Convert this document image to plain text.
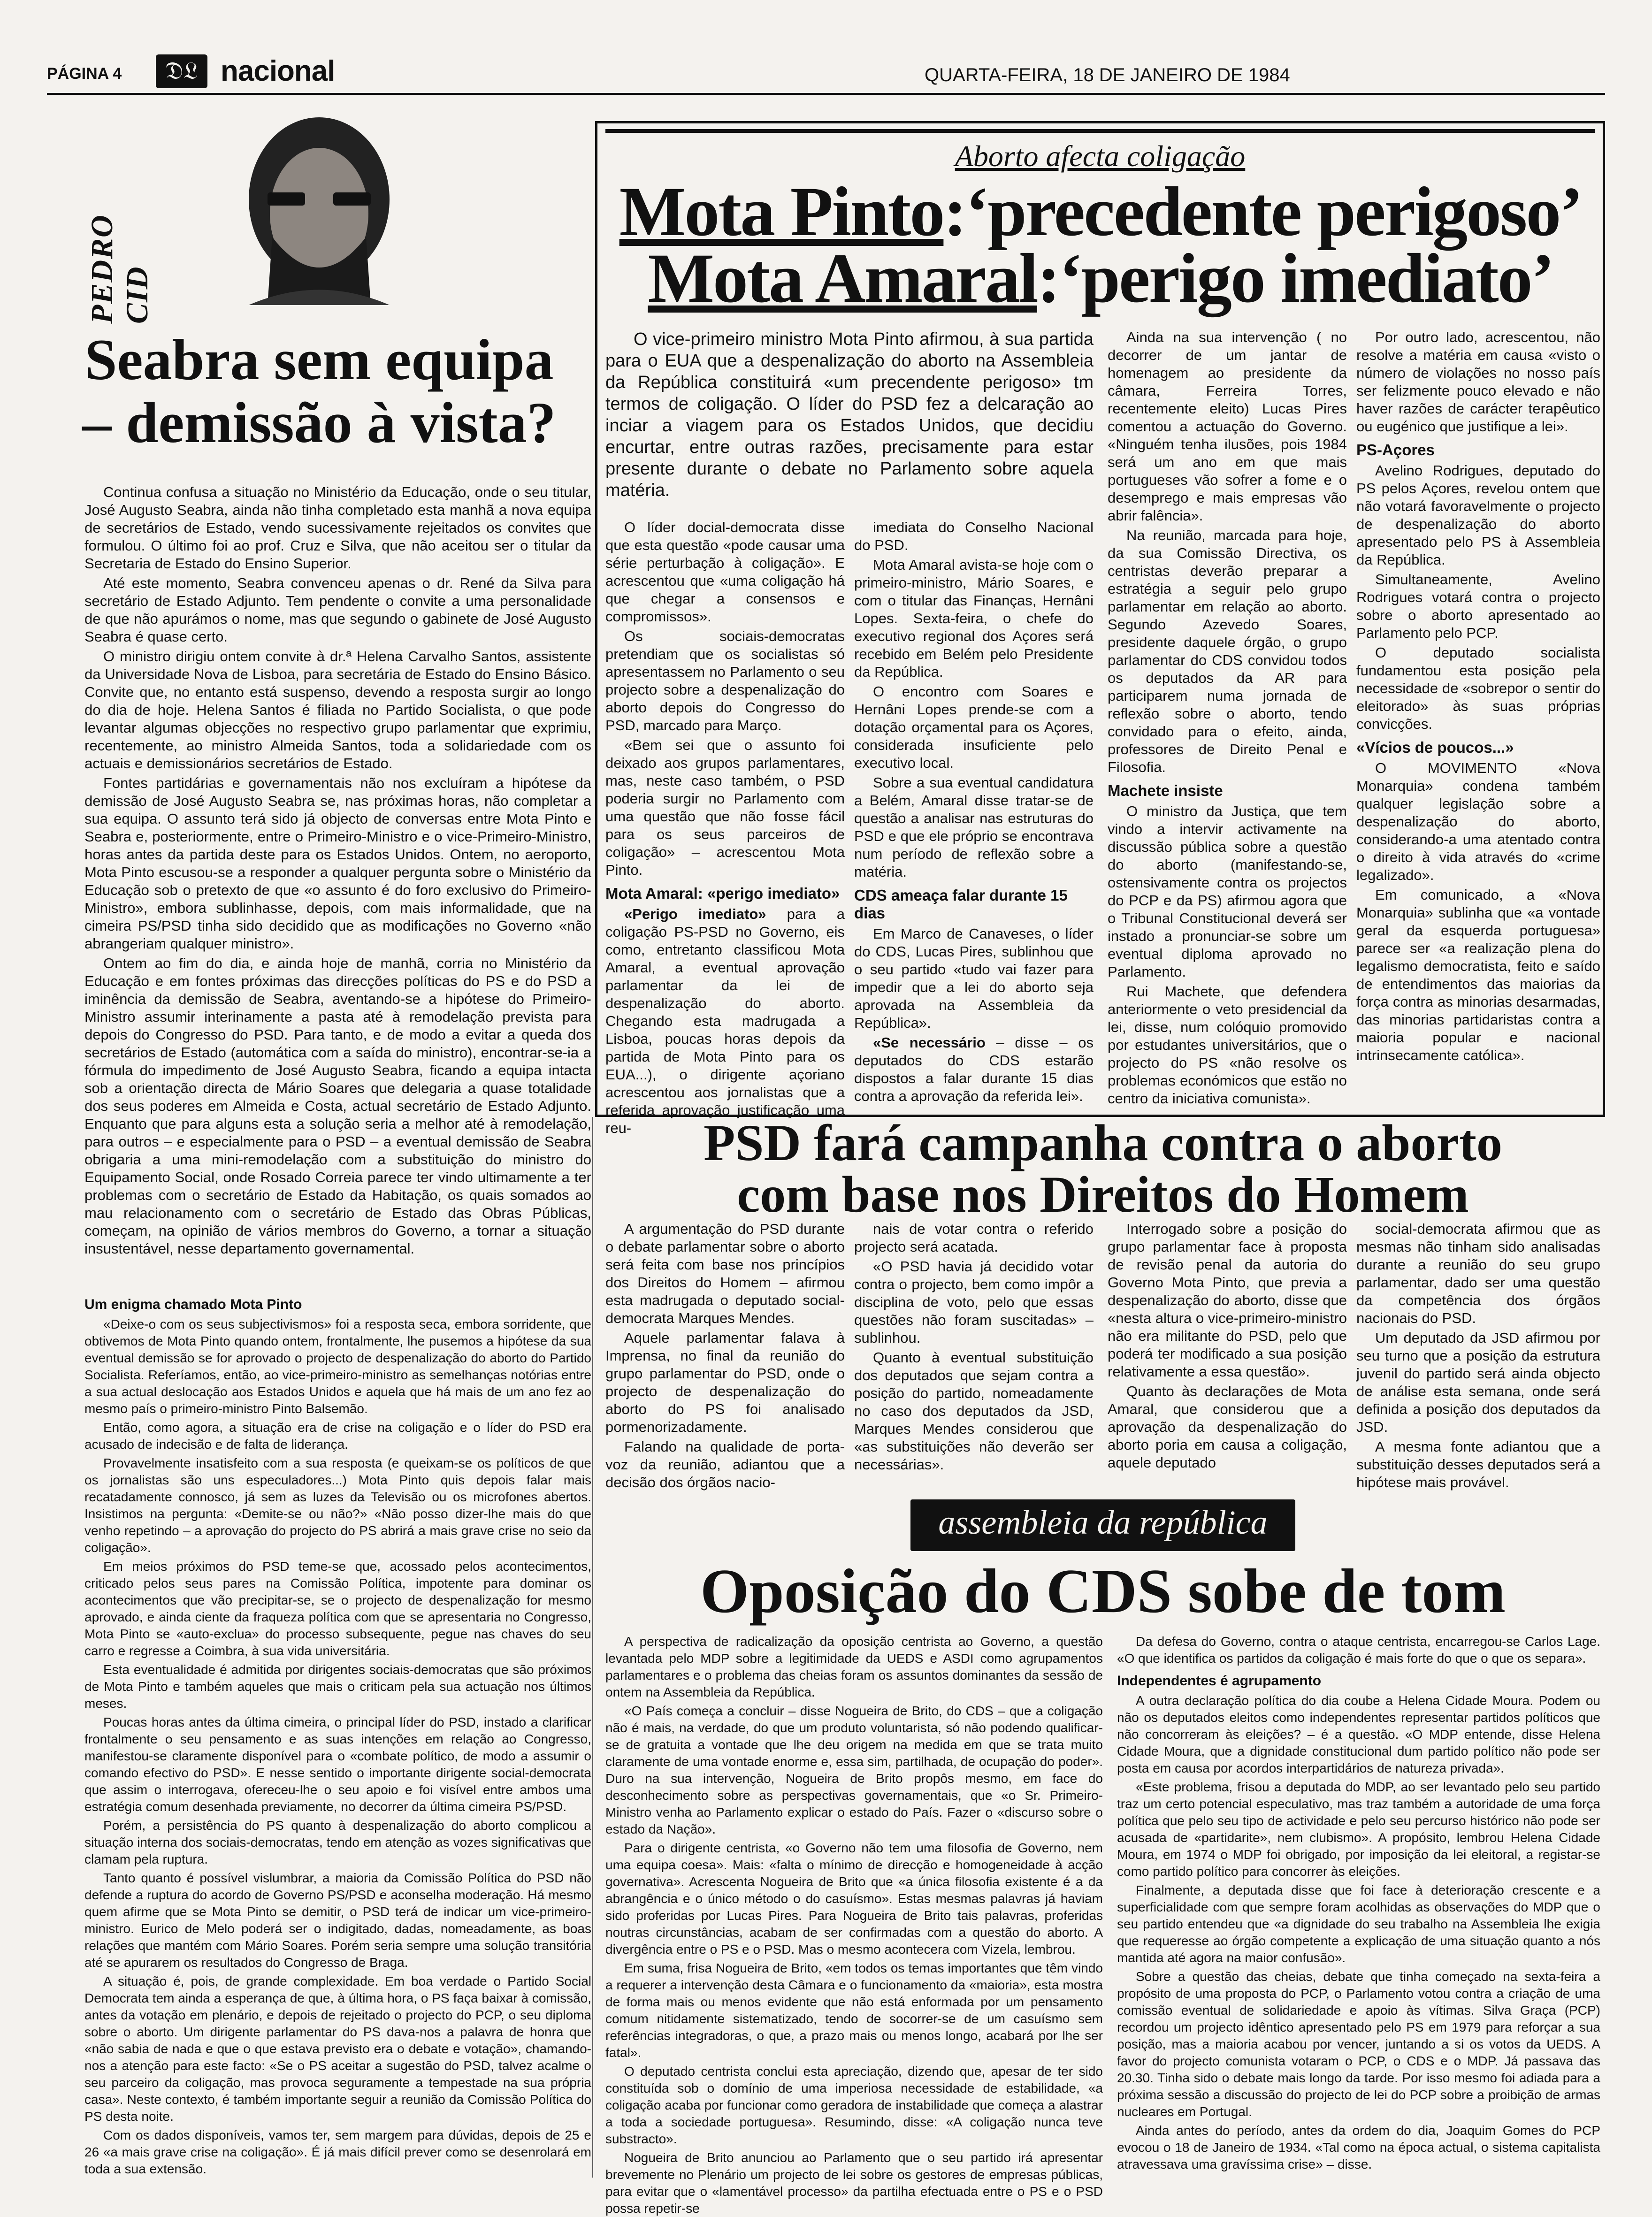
PÁGINA 4	𝔇𝔏 nacional	QUARTA-FEIRA, 18 DE JANEIRO DE 1984
PEDRO CID
Seabra sem equipa
– demissão à vista?

Continua confusa a situação no Ministério da Educação, onde o seu titular, José Augusto Seabra, ainda não tinha completado esta manhã a nova equipa de secretários de Estado, vendo sucessivamente rejeitados os convites que formulou. O último foi ao prof. Cruz e Silva, que não aceitou ser o titular da Secretaria de Estado do Ensino Superior.

Até este momento, Seabra convenceu apenas o dr. René da Silva para secretário de Estado Adjunto. Tem pendente o convite a uma personalidade de que não apurámos o nome, mas que segundo o gabinete de José Augusto Seabra é quase certo.

O ministro dirigiu ontem convite à dr.ª Helena Carvalho Santos, assistente da Universidade Nova de Lisboa, para secretária de Estado do Ensino Básico. Convite que, no entanto está suspenso, devendo a resposta surgir ao longo do dia de hoje. Helena Santos é filiada no Partido Socialista, o que pode levantar algumas objecções no respectivo grupo parlamentar que exprimiu, recentemente, ao ministro Almeida Santos, toda a solidariedade com os actuais e demissionários secretários de Estado.

Fontes partidárias e governamentais não nos excluíram a hipótese da demissão de José Augusto Seabra se, nas próximas horas, não completar a sua equipa. O assunto terá sido já objecto de conversas entre Mota Pinto e Seabra e, posteriormente, entre o Primeiro-Ministro e o vice-Primeiro-Ministro, horas antes da partida deste para os Estados Unidos. Ontem, no aeroporto, Mota Pinto escusou-se a responder a qualquer pergunta sobre o Ministério da Educação sob o pretexto de que «o assunto é do foro exclusivo do Primeiro-Ministro», embora sublinhasse, depois, com mais informalidade, que na cimeira PS/PSD tinha sido decidido que as modificações no Governo «não abrangeriam qualquer ministro».

Ontem ao fim do dia, e ainda hoje de manhã, corria no Ministério da Educação e em fontes próximas das direcções políticas do PS e do PSD a iminência da demissão de Seabra, aventando-se a hipótese do Primeiro-Ministro assumir interinamente a pasta até à remodelação prevista para depois do Congresso do PSD. Para tanto, e de modo a evitar a queda dos secretários de Estado (automática com a saída do ministro), encontrar-se-ia a fórmula do impedimento de José Augusto Seabra, ficando a equipa intacta sob a orientação directa de Mário Soares que delegaria a quase totalidade dos seus poderes em Almeida e Costa, actual secretário de Estado Adjunto. Enquanto que para alguns esta a solução seria a melhor até à remodelação, para outros – e especialmente para o PSD – a eventual demissão de Seabra obrigaria a uma mini-remodelação com a substituição do ministro do Equipamento Social, onde Rosado Correia parece ter vindo ultimamente a ter problemas com o secretário de Estado da Habitação, os quais somados ao mau relacionamento com o secretário de Estado das Obras Públicas, começam, na opinião de vários membros do Governo, a tornar a situação insustentável, nesse departamento governamental.

Um enigma chamado Mota Pinto

«Deixe-o com os seus subjectivismos» foi a resposta seca, embora sorridente, que obtivemos de Mota Pinto quando ontem, frontalmente, lhe pusemos a hipótese da sua eventual demissão se for aprovado o projecto de despenalização do aborto do Partido Socialista. Referíamos, então, ao vice-primeiro-ministro as semelhanças notórias entre a sua actual deslocação aos Estados Unidos e aquela que há mais de um ano fez ao mesmo país o primeiro-ministro Pinto Balsemão.

Então, como agora, a situação era de crise na coligação e o líder do PSD era acusado de indecisão e de falta de liderança.

Provavelmente insatisfeito com a sua resposta (e queixam-se os políticos de que os jornalistas são uns especuladores...) Mota Pinto quis depois falar mais recatadamente connosco, já sem as luzes da Televisão ou os microfones abertos. Insistimos na pergunta: «Demite-se ou não?» «Não posso dizer-lhe mais do que venho repetindo – a aprovação do projecto do PS abrirá a mais grave crise no seio da coligação».

Em meios próximos do PSD teme-se que, acossado pelos acontecimentos, criticado pelos seus pares na Comissão Política, impotente para dominar os acontecimentos que vão precipitar-se, se o projecto de despenalização for mesmo aprovado, e ainda ciente da fraqueza política com que se apresentaria no Congresso, Mota Pinto se «auto-exclua» do processo subsequente, pegue nas chaves do seu carro e regresse a Coimbra, à sua vida universitária.

Esta eventualidade é admitida por dirigentes sociais-democratas que são próximos de Mota Pinto e também aqueles que mais o criticam pela sua actuação nos últimos meses.

Poucas horas antes da última cimeira, o principal líder do PSD, instado a clarificar frontalmente o seu pensamento e as suas intenções em relação ao Congresso, manifestou-se claramente disponível para o «combate político, de modo a assumir o comando efectivo do PSD». E nesse sentido o importante dirigente social-democrata que assim o interrogava, ofereceu-lhe o seu apoio e foi visível entre ambos uma estratégia comum desenhada previamente, no decorrer da última cimeira PS/PSD.

Porém, a persistência do PS quanto à despenalização do aborto complicou a situação interna dos sociais-democratas, tendo em atenção as vozes significativas que clamam pela ruptura.

Tanto quanto é possível vislumbrar, a maioria da Comissão Política do PSD não defende a ruptura do acordo de Governo PS/PSD e aconselha moderação. Há mesmo quem afirme que se Mota Pinto se demitir, o PSD terá de indicar um vice-primeiro-ministro. Eurico de Melo poderá ser o indigitado, dadas, nomeadamente, as boas relações que mantém com Mário Soares. Porém seria sempre uma solução transitória até se apurarem os resultados do Congresso de Braga.

A situação é, pois, de grande complexidade. Em boa verdade o Partido Social Democrata tem ainda a esperança de que, à última hora, o PS faça baixar à comissão, antes da votação em plenário, e depois de rejeitado o projecto do PCP, o seu diploma sobre o aborto. Um dirigente parlamentar do PS dava-nos a palavra de honra que «não sabia de nada e que o que estava previsto era o debate e votação», chamando-nos a atenção para este facto: «Se o PS aceitar a sugestão do PSD, talvez acalme o seu parceiro da coligação, mas provoca seguramente a tempestade na sua própria casa». Neste contexto, é também importante seguir a reunião da Comissão Política do PS desta noite.

Com os dados disponíveis, vamos ter, sem margem para dúvidas, depois de 25 e 26 «a mais grave crise na coligação». É já mais difícil prever como se desenrolará em toda a sua extensão.

Aborto afecta coligação
Mota Pinto:‘precedente perigoso’
Mota Amaral:‘perigo imediato’

O vice-primeiro ministro Mota Pinto afirmou, à sua partida para o EUA que a despenalização do aborto na Assembleia da República constituirá «um precendente perigoso» tm termos de coligação. O líder do PSD fez a delcaração ao inciar a viagem para os Estados Unidos, que decidiu encurtar, entre outras razões, precisamente para estar presente durante o debate no Parlamento sobre aquela matéria.

O líder docial-democrata disse que esta questão «pode causar uma série perturbação à coligação». E acrescentou que «uma coligação há que chegar a consensos e compromissos».

Os sociais-democratas pretendiam que os socialistas só apresentassem no Parlamento o seu projecto sobre a despenalização do aborto depois do Congresso do PSD, marcado para Março.

«Bem sei que o assunto foi deixado aos grupos parlamentares, mas, neste caso também, o PSD poderia surgir no Parlamento com uma questão que não fosse fácil para os seus parceiros de coligação» – acrescentou Mota Pinto.

Mota Amaral: «perigo imediato»

«Perigo imediato» para a coligação PS-PSD no Governo, eis como, entretanto classificou Mota Amaral, a eventual aprovação parlamentar da lei de despenalização do aborto. Chegando esta madrugada a Lisboa, poucas horas depois da partida de Mota Pinto para os EUA...), o dirigente açoriano acrescentou aos jornalistas que a referida aprovação justificação uma reu-

imediata do Conselho Nacional do PSD.

Mota Amaral avista-se hoje com o primeiro-ministro, Mário Soares, e com o titular das Finanças, Hernâni Lopes. Sexta-feira, o chefe do executivo regional dos Açores será recebido em Belém pelo Presidente da República.

O encontro com Soares e Hernâni Lopes prende-se com a dotação orçamental para os Açores, considerada insuficiente pelo executivo local.

Sobre a sua eventual candidatura a Belém, Amaral disse tratar-se de questão a analisar nas estruturas do PSD e que ele próprio se encontrava num período de reflexão sobre a matéria.

CDS ameaça falar durante 15 dias

Em Marco de Canaveses, o líder do CDS, Lucas Pires, sublinhou que o seu partido «tudo vai fazer para impedir que a lei do aborto seja aprovada na Assembleia da República».

«Se necessário – disse – os deputados do CDS estarão dispostos a falar durante 15 dias contra a aprovação da referida lei».

Ainda na sua intervenção ( no decorrer de um jantar de homenagem ao presidente da câmara, Ferreira Torres, recentemente eleito) Lucas Pires comentou a actuação do Governo. «Ninguém tenha ilusões, pois 1984 será um ano em que mais portugueses vão sofrer a fome e o desemprego e mais empresas vão abrir falência».

Na reunião, marcada para hoje, da sua Comissão Directiva, os centristas deverão preparar a estratégia a seguir pelo grupo parlamentar em relação ao aborto. Segundo Azevedo Soares, presidente daquele órgão, o grupo parlamentar do CDS convidou todos os deputados da AR para participarem numa jornada de reflexão sobre o aborto, tendo convidado para o efeito, ainda, professores de Direito Penal e Filosofia.

Machete insiste

O ministro da Justiça, que tem vindo a intervir activamente na discussão pública sobre a questão do aborto (manifestando-se, ostensivamente contra os projectos do PCP e da PS) afirmou agora que o Tribunal Constitucional deverá ser instado a pronunciar-se sobre um eventual diploma aprovado no Parlamento.

Rui Machete, que defendera anteriormente o veto presidencial da lei, disse, num colóquio promovido por estudantes universitários, que o projecto do PS «não resolve os problemas económicos que estão no centro da iniciativa comunista».

Por outro lado, acrescentou, não resolve a matéria em causa «visto o número de violações no nosso país ser felizmente pouco elevado e não haver razões de carácter terapêutico ou eugénico que justifique a lei».

PS-Açores

Avelino Rodrigues, deputado do PS pelos Açores, revelou ontem que não votará favoravelmente o projecto de despenalização do aborto apresentado pelo PS à Assembleia da República.

Simultaneamente, Avelino Rodrigues votará contra o projecto sobre o aborto apresentado ao Parlamento pelo PCP.

O deputado socialista fundamentou esta posição pela necessidade de «sobrepor o sentir do eleitorado» às suas próprias convicções.

«Vícios de poucos...»

O MOVIMENTO «Nova Monarquia» condena também qualquer legislação sobre a despenalização do aborto, considerando-a uma atentado contra o direito à vida através do «crime legalizado».

Em comunicado, a «Nova Monarquia» sublinha que «a vontade geral da esquerda portuguesa» parece ser «a realização plena do legalismo democratista, feito e saído de entendimentos das maiorias da força contra as minorias desarmadas, das minorias partidaristas contra a maioria popular e nacional intrinsecamente católica».

PSD fará campanha contra o aborto
com base nos Direitos do Homem

A argumentação do PSD durante o debate parlamentar sobre o aborto será feita com base nos princípios dos Direitos do Homem – afirmou esta madrugada o deputado social-democrata Marques Mendes.

Aquele parlamentar falava à Imprensa, no final da reunião do grupo parlamentar do PSD, onde o projecto de despenalização do aborto do PS foi analisado pormenorizadamente.

Falando na qualidade de porta-voz da reunião, adiantou que a decisão dos órgãos nacio-

nais de votar contra o referido projecto será acatada.

«O PSD havia já decidido votar contra o projecto, bem como impôr a disciplina de voto, pelo que essas questões não foram suscitadas» – sublinhou.

Quanto à eventual substituição dos deputados que sejam contra a posição do partido, nomeadamente no caso dos deputados da JSD, Marques Mendes considerou que «as substituições não deverão ser necessárias».

Interrogado sobre a posição do grupo parlamentar face à proposta de revisão penal da autoria do Governo Mota Pinto, que previa a despenalização do aborto, disse que «nesta altura o vice-primeiro-ministro não era militante do PSD, pelo que poderá ter modificado a sua posição relativamente a essa questão».

Quanto às declarações de Mota Amaral, que considerou que a aprovação da despenalização do aborto poria em causa a coligação, aquele deputado

social-democrata afirmou que as mesmas não tinham sido analisadas durante a reunião do seu grupo parlamentar, dado ser uma questão da competência dos órgãos nacionais do PSD.

Um deputado da JSD afirmou por seu turno que a posição da estrutura juvenil do partido será ainda objecto de análise esta semana, onde será definida a posição dos deputados da JSD.

A mesma fonte adiantou que a substituição desses deputados será a hipótese mais provável.

assembleia da república
Oposição do CDS sobe de tom

A perspectiva de radicalização da oposição centrista ao Governo, a questão levantada pelo MDP sobre a legitimidade da UEDS e ASDI como agrupamentos parlamentares e o problema das cheias foram os assuntos dominantes da sessão de ontem na Assembleia da República.

«O País começa a concluir – disse Nogueira de Brito, do CDS – que a coligação não é mais, na verdade, do que um produto voluntarista, só não podendo qualificar-se de gratuita a vontade que lhe deu origem na medida em que se trata muito claramente de uma vontade enorme e, essa sim, partilhada, de ocupação do poder». Duro na sua intervenção, Nogueira de Brito propôs mesmo, em face do desconhecimento sobre as perspectivas governamentais, que «o Sr. Primeiro-Ministro venha ao Parlamento explicar o estado do País. Fazer o «discurso sobre o estado da Nação».

Para o dirigente centrista, «o Governo não tem uma filosofia de Governo, nem uma equipa coesa». Mais: «falta o mínimo de direcção e homogeneidade à acção governativa». Acrescenta Nogueira de Brito que «a única filosofia existente é a da abrangência e o único método o do casuísmo». Estas mesmas palavras já haviam sido proferidas por Lucas Pires. Para Nogueira de Brito tais palavras, proferidas noutras circunstâncias, acabam de ser confirmadas com a questão do aborto. A divergência entre o PS e o PSD. Mas o mesmo acontecera com Vizela, lembrou.

Em suma, frisa Nogueira de Brito, «em todos os temas importantes que têm vindo a requerer a intervenção desta Câmara e o funcionamento da «maioria», esta mostra de forma mais ou menos evidente que não está enformada por um pensamento comum nitidamente sistematizado, tendo de socorrer-se de um casuísmo sem referências integradoras, o que, a prazo mais ou menos longo, acabará por lhe ser fatal».

O deputado centrista conclui esta apreciação, dizendo que, apesar de ter sido constituída sob o domínio de uma imperiosa necessidade de estabilidade, «a coligação acaba por funcionar como geradora de instabilidade que começa a alastrar a toda a sociedade portuguesa». Resumindo, disse: «A coligação nunca teve substracto».

Nogueira de Brito anunciou ao Parlamento que o seu partido irá apresentar brevemente no Plenário um projecto de lei sobre os gestores de empresas públicas, para evitar que o «lamentável processo» da partilha efectuada entre o PS e o PSD possa repetir-se

Da defesa do Governo, contra o ataque centrista, encarregou-se Carlos Lage. «O que identifica os partidos da coligação é mais forte do que o que os separa».

Independentes é agrupamento

A outra declaração política do dia coube a Helena Cidade Moura. Podem ou não os deputados eleitos como independentes representar partidos políticos que não concorreram às eleições? – é a questão. «O MDP entende, disse Helena Cidade Moura, que a dignidade constitucional dum partido político não pode ser posta em causa por acordos interpartidários de natureza privada».

«Este problema, frisou a deputada do MDP, ao ser levantado pelo seu partido traz um certo potencial especulativo, mas traz também a autoridade de uma força política que pelo seu tipo de actividade e pelo seu percurso histórico não pode ser acusada de «partidarite», nem clubismo». A propósito, lembrou Helena Cidade Moura, em 1974 o MDP foi obrigado, por imposição da lei eleitoral, a registar-se como partido político para concorrer às eleições.

Finalmente, a deputada disse que foi face à deterioração crescente e a superficialidade com que sempre foram acolhidas as observações do MDP que o seu partido entendeu que «a dignidade do seu trabalho na Assembleia lhe exigia que requeresse ao órgão competente a explicação de uma situação quanto a nós mantida até agora na maior confusão».

Sobre a questão das cheias, debate que tinha começado na sexta-feira a propósito de uma proposta do PCP, o Parlamento votou contra a criação de uma comissão eventual de solidariedade e apoio às vítimas. Silva Graça (PCP) recordou um projecto idêntico apresentado pelo PS em 1979 para reforçar a sua posição, mas a maioria acabou por vencer, juntando a si os votos da UEDS. A favor do projecto comunista votaram o PCP, o CDS e o MDP. Já passava das 20.30. Tinha sido o debate mais longo da tarde. Por isso mesmo foi adiada para a próxima sessão a discussão do projecto de lei do PCP sobre a proibição de armas nucleares em Portugal.

Ainda antes do período, antes da ordem do dia, Joaquim Gomes do PCP evocou o 18 de Janeiro de 1934. «Tal como na época actual, o sistema capitalista atravessava uma gravíssima crise» – disse.
